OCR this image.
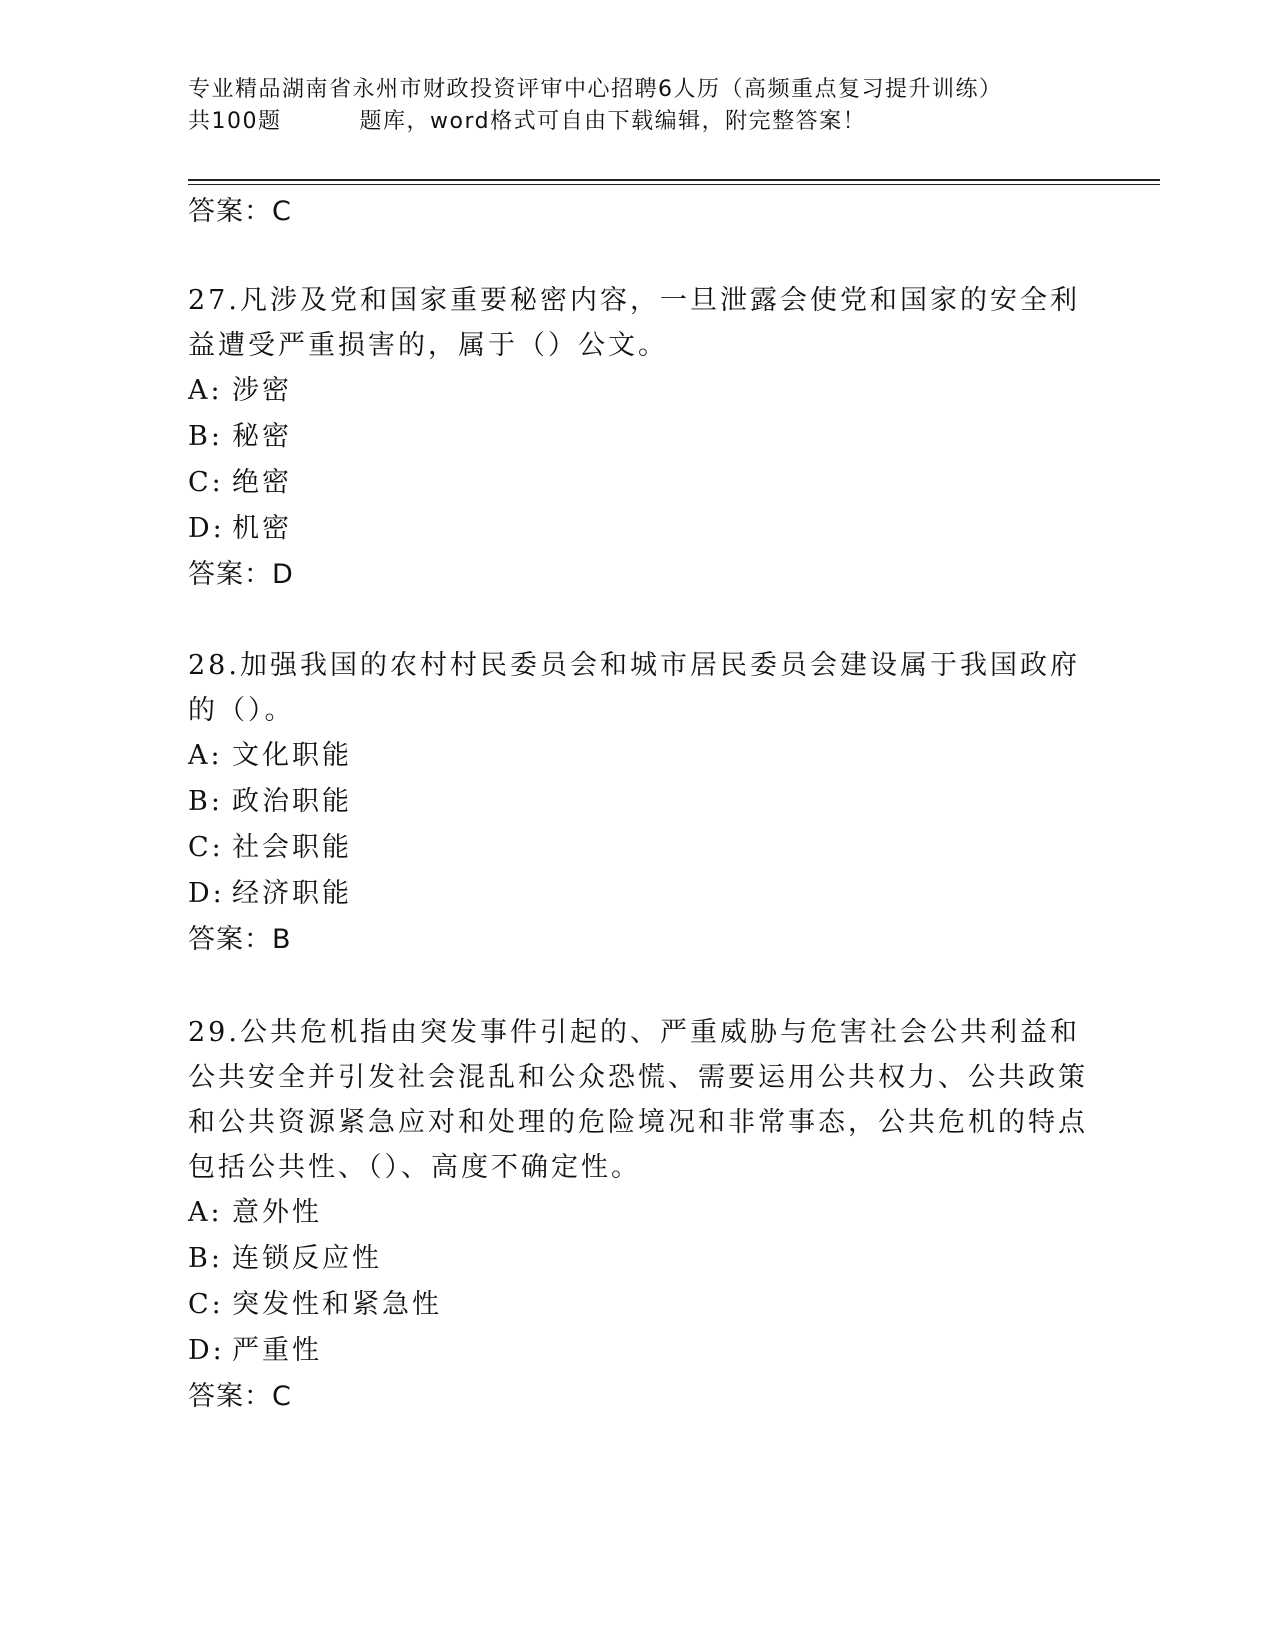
专业精品湖南省永州市财政投资评审中心招聘6人历（高频重点复习提升训练）
共100题	题库，word格式可自由下载编辑，附完整答案！
答案：C

27.凡涉及党和国家重要秘密内容，一旦泄露会使党和国家的安全利益遭受严重损害的，属于（）公文。

A: 涉密

B: 秘密

C: 绝密

D: 机密

答案：D

28.加强我国的农村村民委员会和城市居民委员会建设属于我国政府的（）。

A: 文化职能

B: 政治职能

C: 社会职能

D: 经济职能

答案：B

29.公共危机指由突发事件引起的、严重威胁与危害社会公共利益和公共安全并引发社会混乱和公众恐慌、需要运用公共权力、公共政策和公共资源紧急应对和处理的危险境况和非常事态，公共危机的特点包括公共性、（）、高度不确定性。

A: 意外性

B: 连锁反应性

C: 突发性和紧急性

D: 严重性

答案：C
